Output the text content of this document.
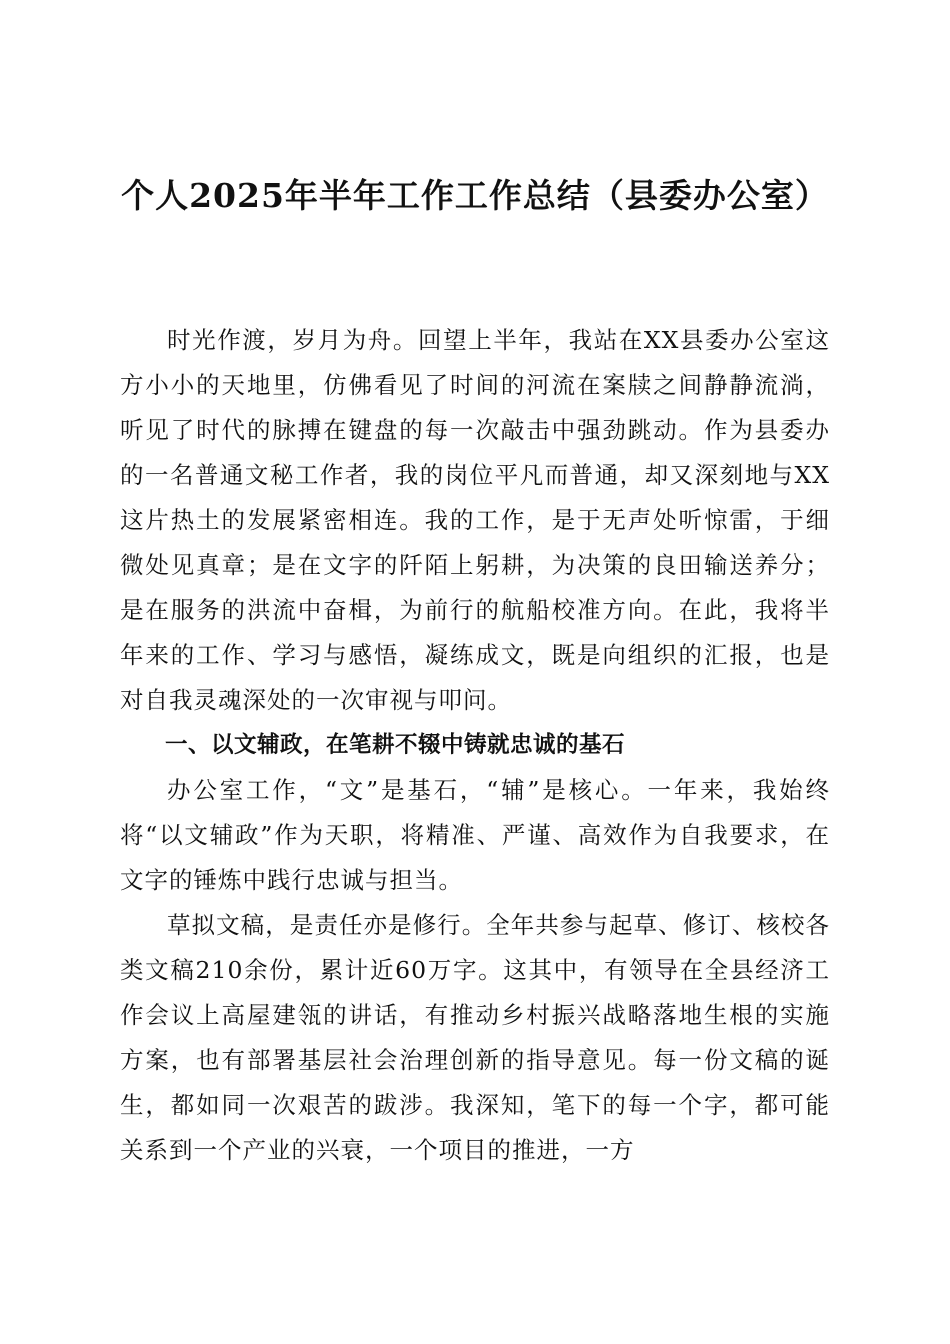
个人2025年半年工作工作总结（县委办公室）

时光作渡，岁月为舟。回望上半年，我站在XX县委办公室这方小小的天地里，仿佛看见了时间的河流在案牍之间静静流淌，听见了时代的脉搏在键盘的每一次敲击中强劲跳动。作为县委办的一名普通文秘工作者，我的岗位平凡而普通，却又深刻地与XX这片热土的发展紧密相连。我的工作，是于无声处听惊雷，于细微处见真章；是在文字的阡陌上躬耕，为决策的良田输送养分；是在服务的洪流中奋楫，为前行的航船校准方向。在此，我将半年来的工作、学习与感悟，凝练成文，既是向组织的汇报，也是对自我灵魂深处的一次审视与叩问。

一、以文辅政，在笔耕不辍中铸就忠诚的基石

办公室工作，“文”是基石，“辅”是核心。一年来，我始终将“以文辅政”作为天职，将精准、严谨、高效作为自我要求，在文字的锤炼中践行忠诚与担当。

草拟文稿，是责任亦是修行。全年共参与起草、修订、核校各类文稿210余份，累计近60万字。这其中，有领导在全县经济工作会议上高屋建瓴的讲话，有推动乡村振兴战略落地生根的实施方案，也有部署基层社会治理创新的指导意见。每一份文稿的诞生，都如同一次艰苦的跋涉。我深知，笔下的每一个字，都可能关系到一个产业的兴衰，一个项目的推进，一方
